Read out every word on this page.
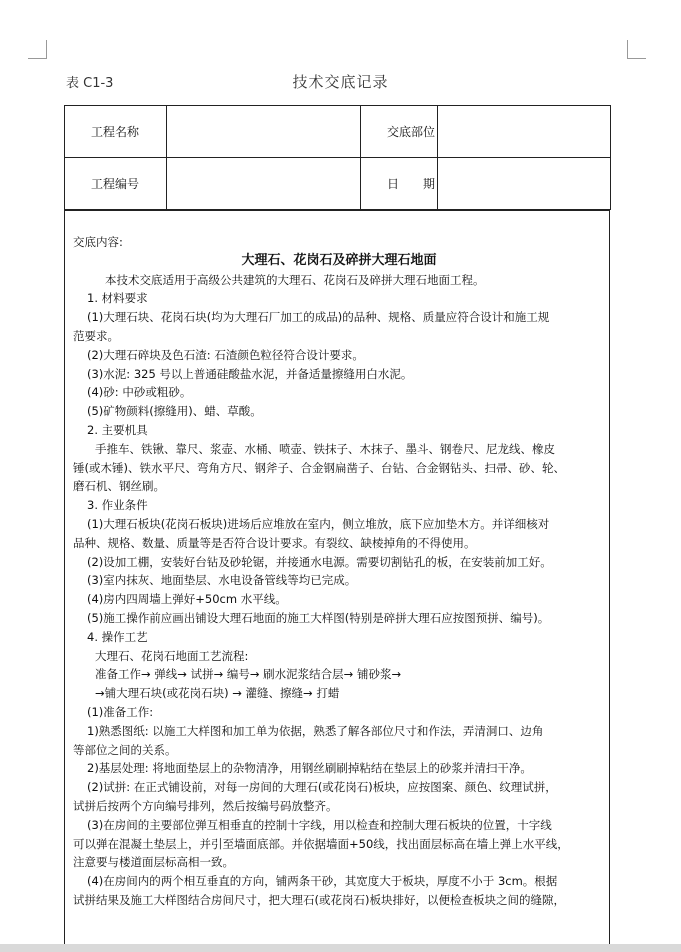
表 C1-3	技术交底记录
工程名称		交底部位	
工程编号		日　　期	
交底内容:
大理石、花岗石及碎拼大理石地面
本技术交底适用于高级公共建筑的大理石、花岗石及碎拼大理石地面工程。
1. 材料要求
(1)大理石块、花岗石块(均为大理石厂加工的成品)的品种、规格、质量应符合设计和施工规
范要求。
(2)大理石碎块及色石渣: 石渣颜色粒径符合设计要求。
(3)水泥: 325 号以上普通硅酸盐水泥，并备适量擦缝用白水泥。
(4)砂: 中砂或粗砂。
(5)矿物颜料(擦缝用)、蜡、草酸。
2. 主要机具
手推车、铁锹、靠尺、浆壶、水桶、喷壶、铁抹子、木抹子、墨斗、钢卷尺、尼龙线、橡皮
锤(或木锤)、铁水平尺、弯角方尺、钢斧子、合金钢扁凿子、台钻、合金钢钻头、扫帚、砂、轮、
磨石机、钢丝刷。
3. 作业条件
(1)大理石板块(花岗石板块)进场后应堆放在室内，侧立堆放，底下应加垫木方。并详细核对
品种、规格、数量、质量等是否符合设计要求。有裂纹、缺棱掉角的不得使用。
(2)设加工棚，安装好台钻及砂轮锯，并接通水电源。需要切割钻孔的板，在安装前加工好。
(3)室内抹灰、地面垫层、水电设备管线等均已完成。
(4)房内四周墙上弹好+50cm 水平线。
(5)施工操作前应画出铺设大理石地面的施工大样图(特别是碎拼大理石应按图预拼、编号)。
4. 操作工艺
大理石、花岗石地面工艺流程:
准备工作→ 弹线→ 试拼→ 编号→ 刷水泥浆结合层→ 铺砂浆→
→铺大理石块(或花岗石块) → 灌缝、擦缝→ 打蜡
(1)准备工作:
1)熟悉图纸: 以施工大样图和加工单为依据，熟悉了解各部位尺寸和作法，弄清洞口、边角
等部位之间的关系。
2)基层处理: 将地面垫层上的杂物清净，用钢丝刷刷掉粘结在垫层上的砂浆并清扫干净。
(2)试拼: 在正式铺设前，对每一房间的大理石(或花岗石)板块，应按图案、颜色、纹理试拼，
试拼后按两个方向编号排列，然后按编号码放整齐。
(3)在房间的主要部位弹互相垂直的控制十字线，用以检查和控制大理石板块的位置，十字线
可以弹在混凝土垫层上，并引至墙面底部。并依据墙面+50线，找出面层标高在墙上弹上水平线，
注意要与楼道面层标高相一致。
(4)在房间内的两个相互垂直的方向，铺两条干砂，其宽度大于板块，厚度不小于 3cm。根据
试拼结果及施工大样图结合房间尺寸，把大理石(或花岗石)板块排好，以便检查板块之间的缝隙，
